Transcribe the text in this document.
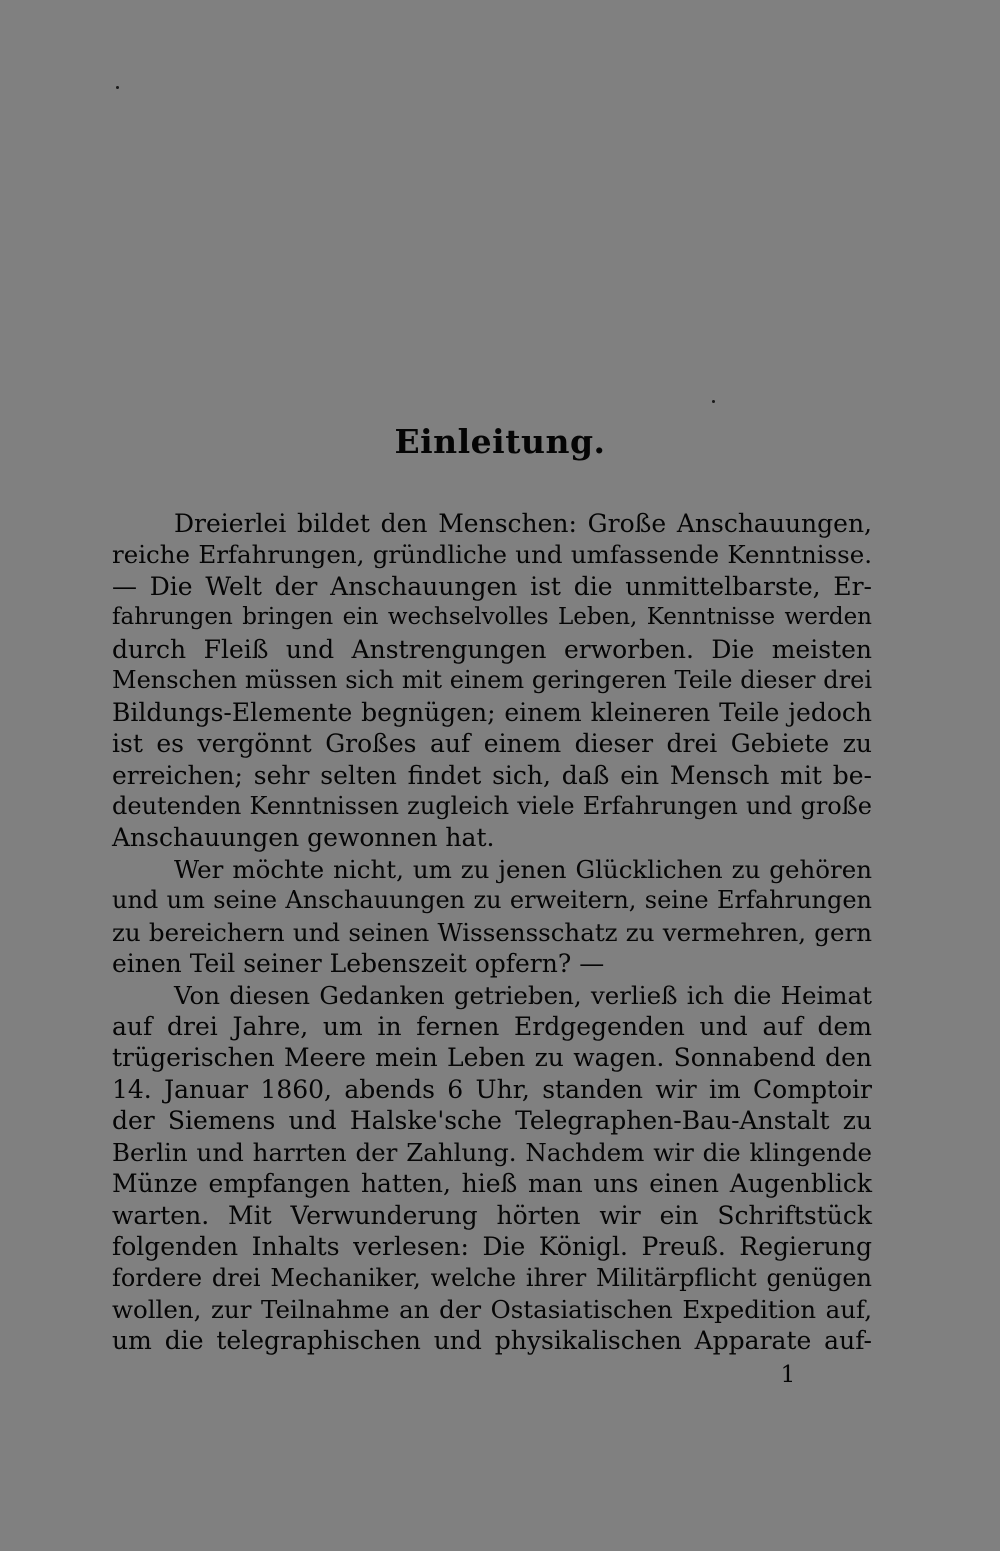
Einleitung.
Dreierlei bildet den Menschen: Große Anschauungen,
reiche Erfahrungen, gründliche und umfassende Kenntnisse.
— Die Welt der Anschauungen ist die unmittelbarste, Er-
fahrungen bringen ein wechselvolles Leben, Kenntnisse werden
durch Fleiß und Anstrengungen erworben. Die meisten
Menschen müssen sich mit einem geringeren Teile dieser drei
Bildungs-Elemente begnügen; einem kleineren Teile jedoch
ist es vergönnt Großes auf einem dieser drei Gebiete zu
erreichen; sehr selten findet sich, daß ein Mensch mit be-
deutenden Kenntnissen zugleich viele Erfahrungen und große
Anschauungen gewonnen hat.
Wer möchte nicht, um zu jenen Glücklichen zu gehören
und um seine Anschauungen zu erweitern, seine Erfahrungen
zu bereichern und seinen Wissensschatz zu vermehren, gern
einen Teil seiner Lebenszeit opfern? —
Von diesen Gedanken getrieben, verließ ich die Heimat
auf drei Jahre, um in fernen Erdgegenden und auf dem
trügerischen Meere mein Leben zu wagen. Sonnabend den
14. Januar 1860, abends 6 Uhr, standen wir im Comptoir
der Siemens und Halske'sche Telegraphen-Bau-Anstalt zu
Berlin und harrten der Zahlung. Nachdem wir die klingende
Münze empfangen hatten, hieß man uns einen Augenblick
warten. Mit Verwunderung hörten wir ein Schriftstück
folgenden Inhalts verlesen: Die Königl. Preuß. Regierung
fordere drei Mechaniker, welche ihrer Militärpflicht genügen
wollen, zur Teilnahme an der Ostasiatischen Expedition auf,
um die telegraphischen und physikalischen Apparate auf-
1
